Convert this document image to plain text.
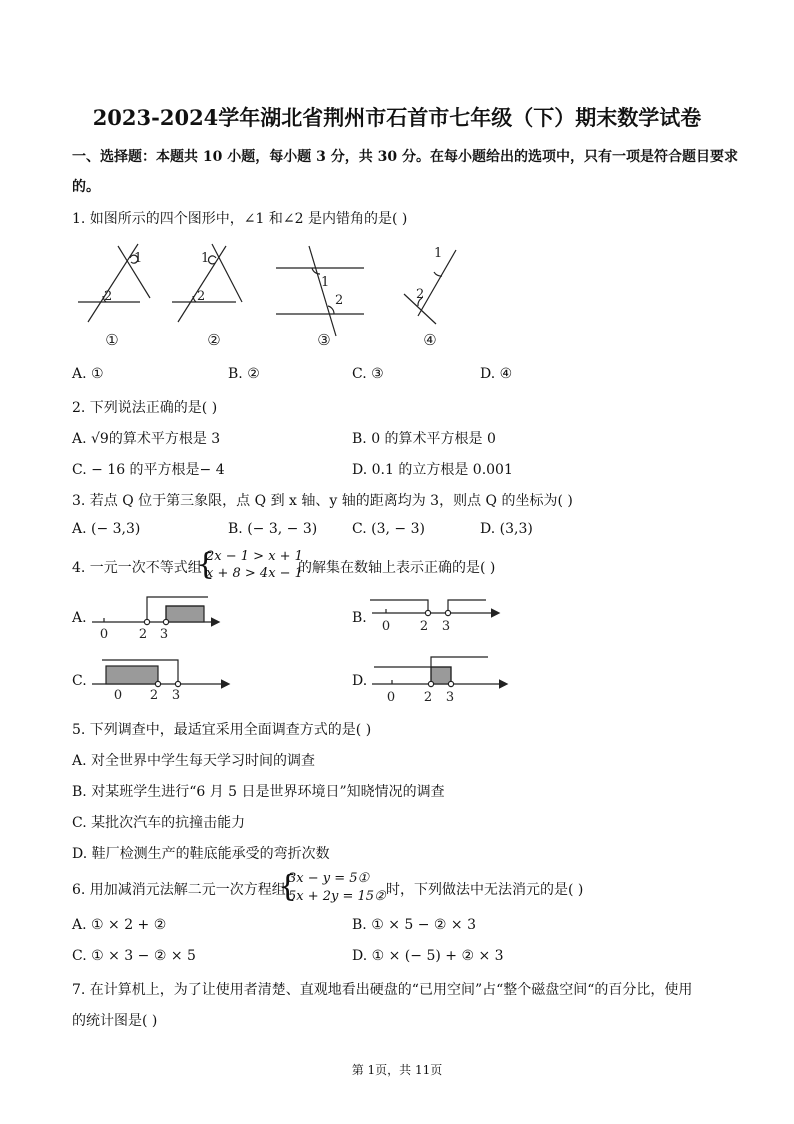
2023-2024学年湖北省荆州市石首市七年级（下）期末数学试卷
一、选择题：本题共 10 小题，每小题 3 分，共 30 分。在每小题给出的选项中，只有一项是符合题目要求
的。
1. 如图所示的四个图形中，∠1 和∠2 是内错角的是( )
1
2
1
2
1
2
1
2
①	②	③	④
A. ①	B. ②	C. ③	D. ④
2. 下列说法正确的是( )
A. √9的算术平方根是 3	B. 0 的算术平方根是 0
C. − 16 的平方根是− 4	D. 0.1 的立方根是 0.001
3. 若点 Q 位于第三象限，点 Q 到 x 轴、y 轴的距离均为 3，则点 Q 的坐标为( )
A. (− 3,3)	B. (− 3, − 3) C. (3, − 3)	D. (3,3)
4. 一元一次不等式组
{
2x − 1 > x + 1
x + 8 > 4x − 1
的解集在数轴上表示正确的是( )
A.	B.
C.	D.
0 2 3
0 2 3
0 2 3	0 2 3
5. 下列调查中，最适宜采用全面调查方式的是( )
A. 对全世界中学生每天学习时间的调查
B. 对某班学生进行“6 月 5 日是世界环境日”知晓情况的调查
C. 某批次汽车的抗撞击能力
D. 鞋厂检测生产的鞋底能承受的弯折次数
6. 用加减消元法解二元一次方程组
{
3x − y = 5①
5x + 2y = 15② 时，下列做法中无法消元的是( )
A. ① × 2 + ②	B. ① × 5 − ② × 3
C. ① × 3 − ② × 5	D. ① × (− 5) + ② × 3
7. 在计算机上，为了让使用者清楚、直观地看出硬盘的“已用空间”占“整个磁盘空间“的百分比，使用
的统计图是( )
第 1页，共 11页
